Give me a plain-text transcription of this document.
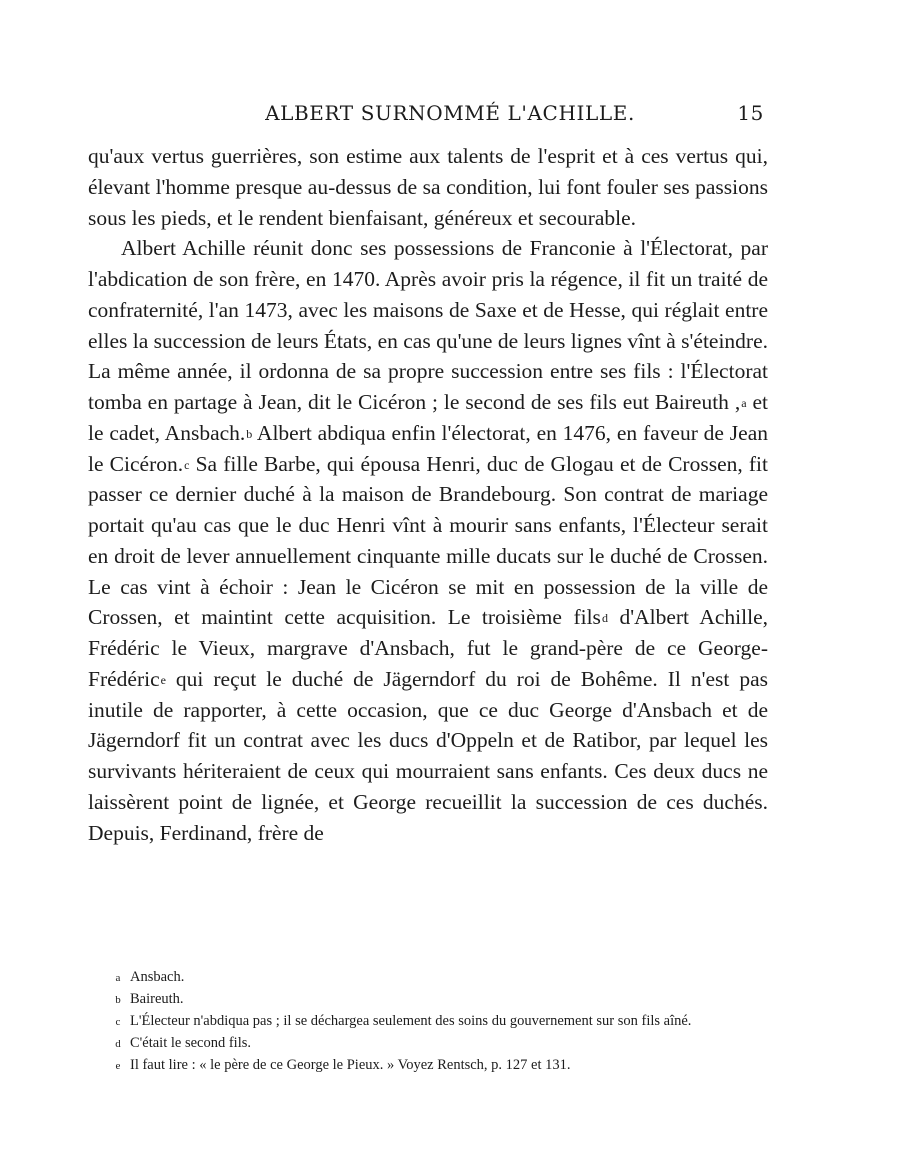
ALBERT SURNOMMÉ L'ACHILLE.	15

qu'aux vertus guerrières, son estime aux talents de l'esprit et à ces vertus qui, élevant l'homme presque au-dessus de sa condition, lui font fouler ses passions sous les pieds, et le rendent bienfaisant, généreux et secourable.

Albert Achille réunit donc ses possessions de Franconie à l'Électorat, par l'abdication de son frère, en 1470. Après avoir pris la régence, il fit un traité de confraternité, l'an 1473, avec les maisons de Saxe et de Hesse, qui réglait entre elles la succession de leurs États, en cas qu'une de leurs lignes vînt à s'éteindre. La même année, il ordonna de sa propre succession entre ses fils : l'Électorat tomba en partage à Jean, dit le Cicéron ; le second de ses fils eut Baireuth ,$^a$ et le cadet, Ansbach.$^b$ Albert abdiqua enfin l'électorat, en 1476, en faveur de Jean le Cicéron.$^c$ Sa fille Barbe, qui épousa Henri, duc de Glogau et de Crossen, fit passer ce dernier duché à la maison de Brandebourg. Son contrat de mariage portait qu'au cas que le duc Henri vînt à mourir sans enfants, l'Électeur serait en droit de lever annuellement cinquante mille ducats sur le duché de Crossen. Le cas vint à échoir : Jean le Cicéron se mit en possession de la ville de Crossen, et maintint cette acquisition. Le troisième fils$^d$ d'Albert Achille, Frédéric le Vieux, margrave d'Ansbach, fut le grand-père de ce George-Frédéric$^e$ qui reçut le duché de Jägerndorf du roi de Bohême. Il n'est pas inutile de rapporter, à cette occasion, que ce duc George d'Ansbach et de Jägerndorf fit un contrat avec les ducs d'Oppeln et de Ratibor, par lequel les survivants hériteraient de ceux qui mourraient sans enfants. Ces deux ducs ne laissèrent point de lignée, et George recueillit la succession de ces duchés. Depuis, Ferdinand, frère de

a Ansbach.

b Baireuth.

c L'Électeur n'abdiqua pas ; il se déchargea seulement des soins du gouvernement sur son fils aîné.

d C'était le second fils.

e Il faut lire : « le père de ce George le Pieux. » Voyez Rentsch, p. 127 et 131.
